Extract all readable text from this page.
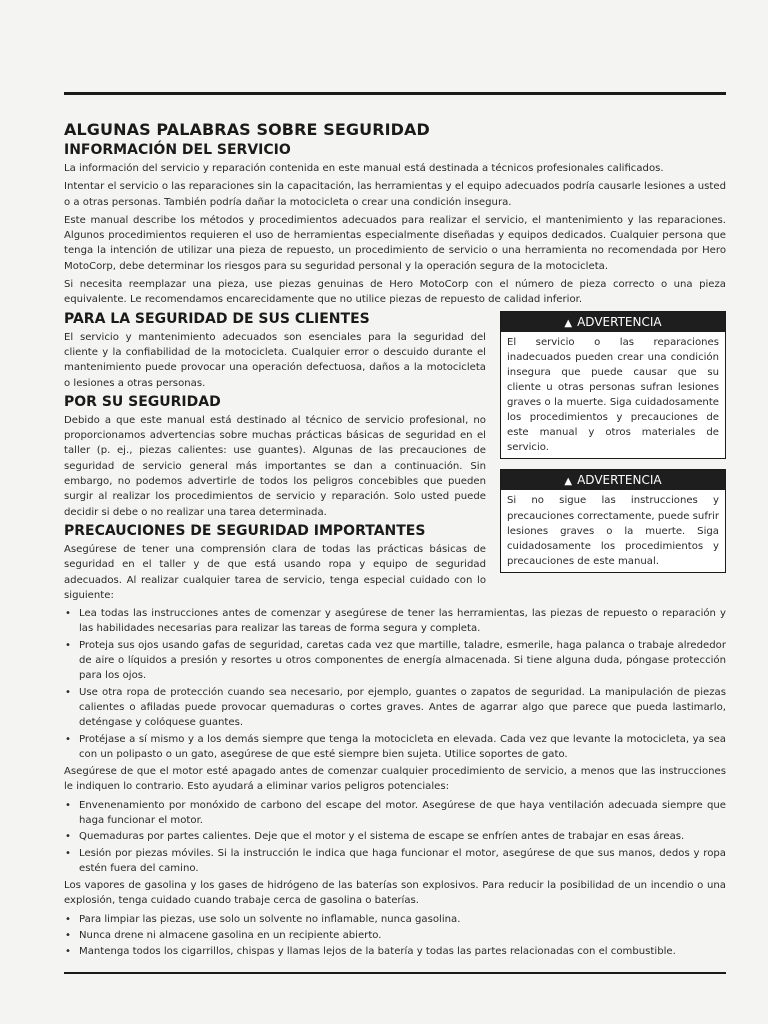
ALGUNAS PALABRAS SOBRE SEGURIDAD
INFORMACIÓN DEL SERVICIO

La información del servicio y reparación contenida en este manual está destinada a técnicos profesionales calificados.

Intentar el servicio o las reparaciones sin la capacitación, las herramientas y el equipo adecuados podría causarle lesiones a usted o a otras personas. También podría dañar la motocicleta o crear una condición insegura.

Este manual describe los métodos y procedimientos adecuados para realizar el servicio, el mantenimiento y las reparaciones. Algunos procedimientos requieren el uso de herramientas especialmente diseñadas y equipos dedicados. Cualquier persona que tenga la intención de utilizar una pieza de repuesto, un procedimiento de servicio o una herramienta no recomendada por Hero MotoCorp, debe determinar los riesgos para su seguridad personal y la operación segura de la motocicleta.

Si necesita reemplazar una pieza, use piezas genuinas de Hero MotoCorp con el número de pieza correcto o una pieza equivalente. Le recomendamos encarecidamente que no utilice piezas de repuesto de calidad inferior.

PARA LA SEGURIDAD DE SUS CLIENTES

El servicio y mantenimiento adecuados son esenciales para la seguridad del cliente y la confiabilidad de la motocicleta. Cualquier error o descuido durante el mantenimiento puede provocar una operación defectuosa, daños a la motocicleta o lesiones a otras personas.

POR SU SEGURIDAD

Debido a que este manual está destinado al técnico de servicio profesional, no proporcionamos advertencias sobre muchas prácticas básicas de seguridad en el taller (p. ej., piezas calientes: use guantes). Algunas de las precauciones de seguridad de servicio general más importantes se dan a continuación. Sin embargo, no podemos advertirle de todos los peligros concebibles que pueden surgir al realizar los procedimientos de servicio y reparación. Solo usted puede decidir si debe o no realizar una tarea determinada.

PRECAUCIONES DE SEGURIDAD IMPORTANTES

Asegúrese de tener una comprensión clara de todas las prácticas básicas de seguridad en el taller y de que está usando ropa y equipo de seguridad adecuados. Al realizar cualquier tarea de servicio, tenga especial cuidado con lo siguiente:

▲ ADVERTENCIA
El servicio o las reparaciones inadecuados pueden crear una condición insegura que puede causar que su cliente u otras personas sufran lesiones graves o la muerte. Siga cuidadosamente los procedimientos y precauciones de este manual y otros materiales de servicio.
▲ ADVERTENCIA
Si no sigue las instrucciones y precauciones correctamente, puede sufrir lesiones graves o la muerte. Siga cuidadosamente los procedimientos y precauciones de este manual.
• Lea todas las instrucciones antes de comenzar y asegúrese de tener las herramientas, las piezas de repuesto o reparación y las habilidades necesarias para realizar las tareas de forma segura y completa.
• Proteja sus ojos usando gafas de seguridad, caretas cada vez que martille, taladre, esmerile, haga palanca o trabaje alrededor de aire o líquidos a presión y resortes u otros componentes de energía almacenada. Si tiene alguna duda, póngase protección para los ojos.
• Use otra ropa de protección cuando sea necesario, por ejemplo, guantes o zapatos de seguridad. La manipulación de piezas calientes o afiladas puede provocar quemaduras o cortes graves. Antes de agarrar algo que parece que pueda lastimarlo, deténgase y colóquese guantes.
• Protéjase a sí mismo y a los demás siempre que tenga la motocicleta en elevada. Cada vez que levante la motocicleta, ya sea con un polipasto o un gato, asegúrese de que esté siempre bien sujeta. Utilice soportes de gato.

Asegúrese de que el motor esté apagado antes de comenzar cualquier procedimiento de servicio, a menos que las instrucciones le indiquen lo contrario. Esto ayudará a eliminar varios peligros potenciales:

• Envenenamiento por monóxido de carbono del escape del motor. Asegúrese de que haya ventilación adecuada siempre que haga funcionar el motor.
• Quemaduras por partes calientes. Deje que el motor y el sistema de escape se enfríen antes de trabajar en esas áreas.
• Lesión por piezas móviles. Si la instrucción le indica que haga funcionar el motor, asegúrese de que sus manos, dedos y ropa estén fuera del camino.

Los vapores de gasolina y los gases de hidrógeno de las baterías son explosivos. Para reducir la posibilidad de un incendio o una explosión, tenga cuidado cuando trabaje cerca de gasolina o baterías.

• Para limpiar las piezas, use solo un solvente no inflamable, nunca gasolina.
• Nunca drene ni almacene gasolina en un recipiente abierto.
• Mantenga todos los cigarrillos, chispas y llamas lejos de la batería y todas las partes relacionadas con el combustible.
